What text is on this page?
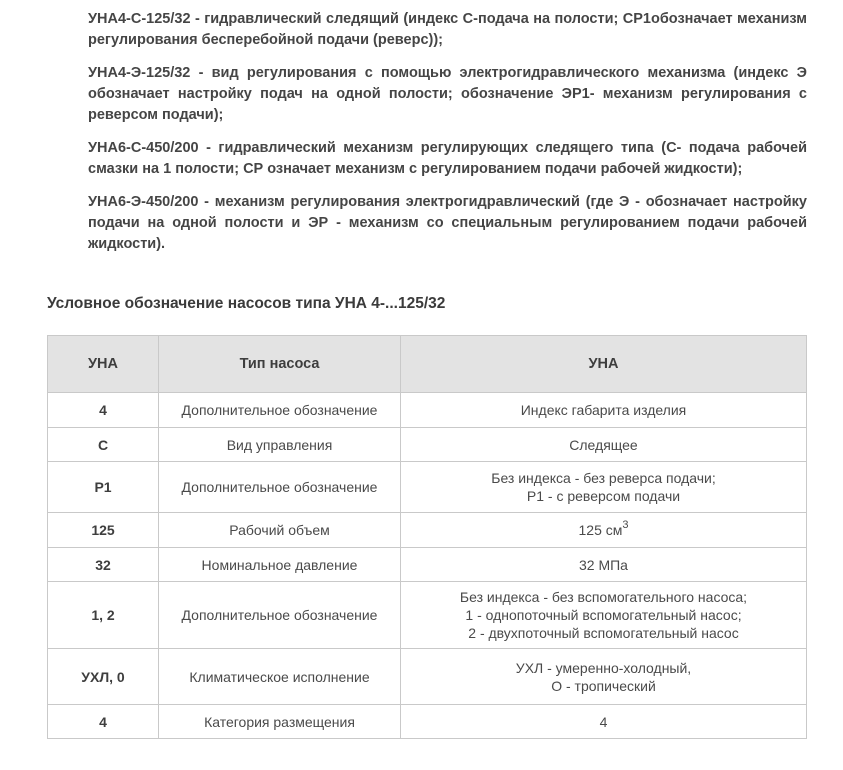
УНА4-С-125/32 - гидравлический следящий (индекс С-подача на полости; СР1обозначает механизм регулирования бесперебойной подачи (реверс));

УНА4-Э-125/32 - вид регулирования с помощью электрогидравлического механизма (индекс Э обозначает настройку подач на одной полости; обозначение ЭР1- механизм регулирования с реверсом подачи);

УНА6-С-450/200 - гидравлический механизм регулирующих следящего типа (С- подача рабочей смазки на 1 полости; СР означает механизм с регулированием подачи рабочей жидкости);

УНА6-Э-450/200 - механизм регулирования электрогидравлический (где Э - обозначает настройку подачи на одной полости и ЭР - механизм со специальным регулированием подачи рабочей жидкости).

Условное обозначение насосов типа УНА 4-...125/32
УНА	Тип насоса	УНА
4	Дополнительное обозначение	Индекс габарита изделия

С	Вид управления	Следящее

Р1	Дополнительное обозначение	Без индекса - без реверса подачи;
Р1 - с реверсом подачи

125	Рабочий объем	125 $см^3$

32	Номинальное давление	32 МПа

1, 2	Дополнительное обозначение	Без индекса - без вспомогательного насоса;
1 - однопоточный вспомогательный насос;
2 - двухпоточный вспомогательный насос

УХЛ, 0	Климатическое исполнение	УХЛ - умеренно-холодный,
О - тропический

4	Категория размещения	4
